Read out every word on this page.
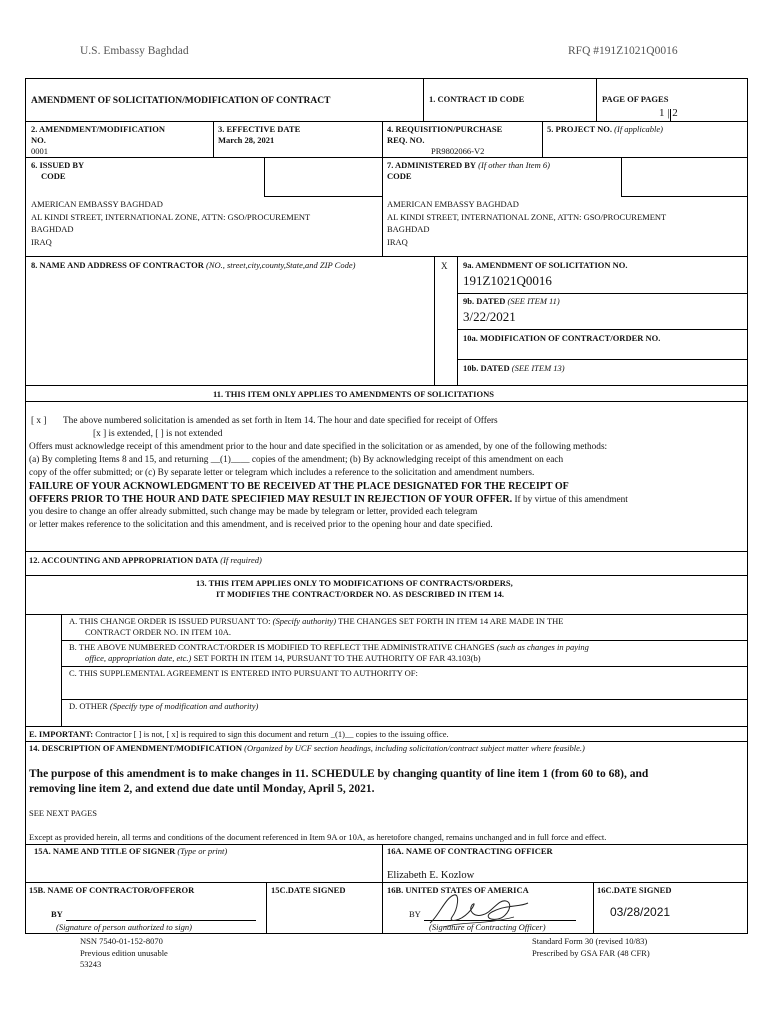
U.S. Embassy Baghdad	RFQ #191Z1021Q0016
AMENDMENT OF SOLICITATION/MODIFICATION OF CONTRACT	1. CONTRACT ID CODE	PAGE OF PAGES
1 | 2
2. AMENDMENT/MODIFICATION
NO.
0001
3. EFFECTIVE DATE
March 28, 2021
4. REQUISITION/PURCHASE
REQ. NO.
PR9802066-V2
5. PROJECT NO. (If applicable)
6. ISSUED BY
CODE
AMERICAN EMBASSY BAGHDAD
AL KINDI STREET, INTERNATIONAL ZONE, ATTN: GSO/PROCUREMENT
BAGHDAD
IRAQ
7. ADMINISTERED BY (If other than Item 6)
CODE
AMERICAN EMBASSY BAGHDAD
AL KINDI STREET, INTERNATIONAL ZONE, ATTN: GSO/PROCUREMENT
BAGHDAD
IRAQ
8. NAME AND ADDRESS OF CONTRACTOR (NO., street,city,county,State,and ZIP Code)	X 9a. AMENDMENT OF SOLICITATION NO.
191Z1021Q0016
9b. DATED (SEE ITEM 11)
3/22/2021
10a. MODIFICATION OF CONTRACT/ORDER NO.
10b. DATED (SEE ITEM 13)
11. THIS ITEM ONLY APPLIES TO AMENDMENTS OF SOLICITATIONS
[ x ] The above numbered solicitation is amended as set forth in Item 14. The hour and date specified for receipt of Offers
[x ] is extended, [ ] is not extended
Offers must acknowledge receipt of this amendment prior to the hour and date specified in the solicitation or as amended, by one of the following methods:
(a) By completing Items 8 and 15, and returning __(1)____ copies of the amendment; (b) By acknowledging receipt of this amendment on each
copy of the offer submitted; or (c) By separate letter or telegram which includes a reference to the solicitation and amendment numbers.
FAILURE OF YOUR ACKNOWLEDGMENT TO BE RECEIVED AT THE PLACE DESIGNATED FOR THE RECEIPT OF
OFFERS PRIOR TO THE HOUR AND DATE SPECIFIED MAY RESULT IN REJECTION OF YOUR OFFER. If by virtue of this amendment
you desire to change an offer already submitted, such change may be made by telegram or letter, provided each telegram
or letter makes reference to the solicitation and this amendment, and is received prior to the opening hour and date specified.
12. ACCOUNTING AND APPROPRIATION DATA (If required)
13. THIS ITEM APPLIES ONLY TO MODIFICATIONS OF CONTRACTS/ORDERS,
IT MODIFIES THE CONTRACT/ORDER NO. AS DESCRIBED IN ITEM 14.
A. THIS CHANGE ORDER IS ISSUED PURSUANT TO: (Specify authority) THE CHANGES SET FORTH IN ITEM 14 ARE MADE IN THE
CONTRACT ORDER NO. IN ITEM 10A.
B. THE ABOVE NUMBERED CONTRACT/ORDER IS MODIFIED TO REFLECT THE ADMINISTRATIVE CHANGES (such as changes in paying
office, appropriation date, etc.) SET FORTH IN ITEM 14, PURSUANT TO THE AUTHORITY OF FAR 43.103(b)
C. THIS SUPPLEMENTAL AGREEMENT IS ENTERED INTO PURSUANT TO AUTHORITY OF:
D. OTHER (Specify type of modification and authority)
E. IMPORTANT: Contractor [ ] is not, [ x] is required to sign this document and return _(1)__ copies to the issuing office.
14. DESCRIPTION OF AMENDMENT/MODIFICATION (Organized by UCF section headings, including solicitation/contract subject matter where feasible.)
The purpose of this amendment is to make changes in 11. SCHEDULE by changing quantity of line item 1 (from 60 to 68), and
removing line item 2, and extend due date until Monday, April 5, 2021.
SEE NEXT PAGES
Except as provided herein, all terms and conditions of the document referenced in Item 9A or 10A, as heretofore changed, remains unchanged and in full force and effect.
15A. NAME AND TITLE OF SIGNER (Type or print)	16A. NAME OF CONTRACTING OFFICER
Elizabeth E. Kozlow
15B. NAME OF CONTRACTOR/OFFEROR
BY
(Signature of person authorized to sign)
15C.DATE SIGNED	16B. UNITED STATES OF AMERICA
BY
(Signature of Contracting Officer)
16C.DATE SIGNED
03/28/2021
NSN 7540-01-152-8070
Previous edition unusable
53243
Standard Form 30 (revised 10/83)
Prescribed by GSA FAR (48 CFR)
